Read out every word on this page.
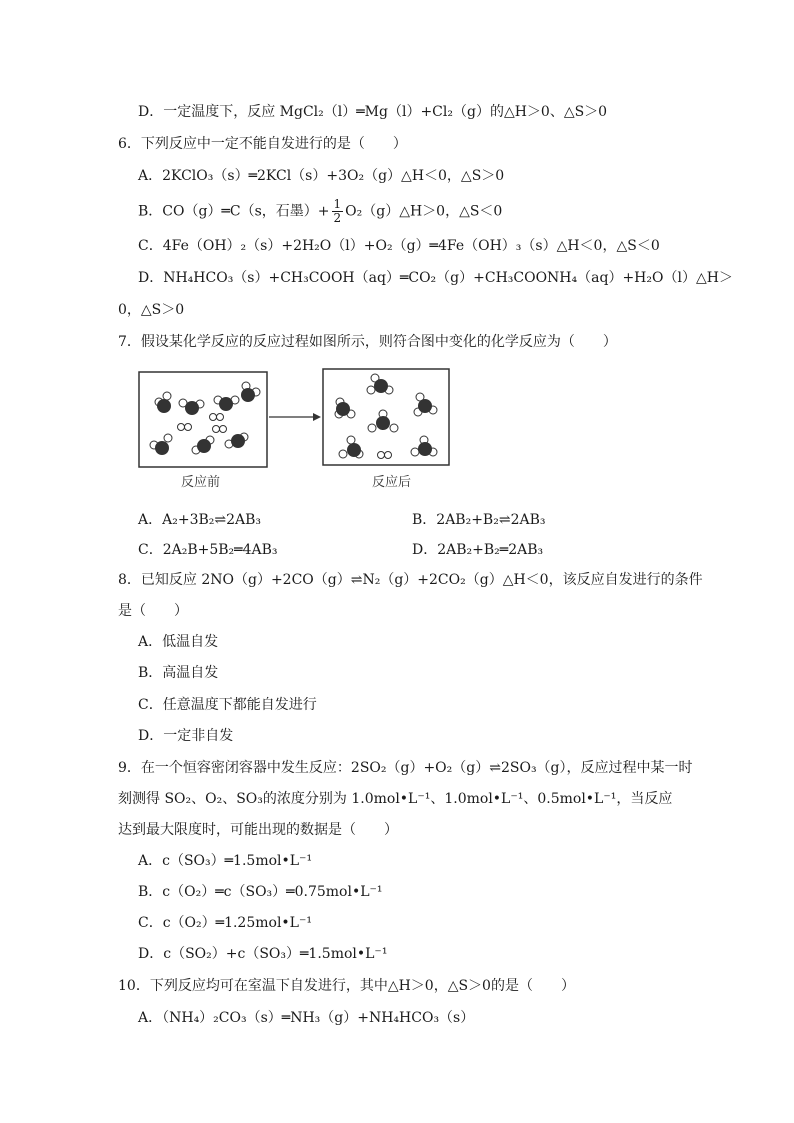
D．一定温度下，反应 MgCl₂（l）═Mg（l）+Cl₂（g）的△H＞0、△S＞0
6．下列反应中一定不能自发进行的是（　　）
A．2KClO₃（s）═2KCl（s）+3O₂（g）△H＜0，△S＞0
B．CO（g）═C（s，石墨）+ $\frac{1}{2}$ O₂（g）△H＞0，△S＜0
C．4Fe（OH）₂（s）+2H₂O（l）+O₂（g）═4Fe（OH）₃（s）△H＜0，△S＜0
D．NH₄HCO₃（s）+CH₃COOH（aq）═CO₂（g）+CH₃COONH₄（aq）+H₂O（l）△H＞
0，△S＞0
7．假设某化学反应的反应过程如图所示，则符合图中变化的化学反应为（　　）
反应前	反应后
A．A₂+3B₂⇌2AB₃	B．2AB₂+B₂⇌2AB₃
C．2A₂B+5B₂═4AB₃	D．2AB₂+B₂═2AB₃
8．已知反应 2NO（g）+2CO（g）⇌N₂（g）+2CO₂（g）△H＜0，该反应自发进行的条件
是（　　）
A．低温自发
B．高温自发
C．任意温度下都能自发进行
D．一定非自发
9．在一个恒容密闭容器中发生反应：2SO₂（g）+O₂（g）⇌2SO₃（g），反应过程中某一时
刻测得 SO₂、O₂、SO₃的浓度分别为 1.0mol•L⁻¹、1.0mol•L⁻¹、0.5mol•L⁻¹，当反应
达到最大限度时，可能出现的数据是（　　）
A．c（SO₃）═1.5mol•L⁻¹
B．c（O₂）═c（SO₃）═0.75mol•L⁻¹
C．c（O₂）═1.25mol•L⁻¹
D．c（SO₂）+c（SO₃）═1.5mol•L⁻¹
10．下列反应均可在室温下自发进行，其中△H＞0，△S＞0的是（　　）
A．（NH₄）₂CO₃（s）═NH₃（g）+NH₄HCO₃（s）
